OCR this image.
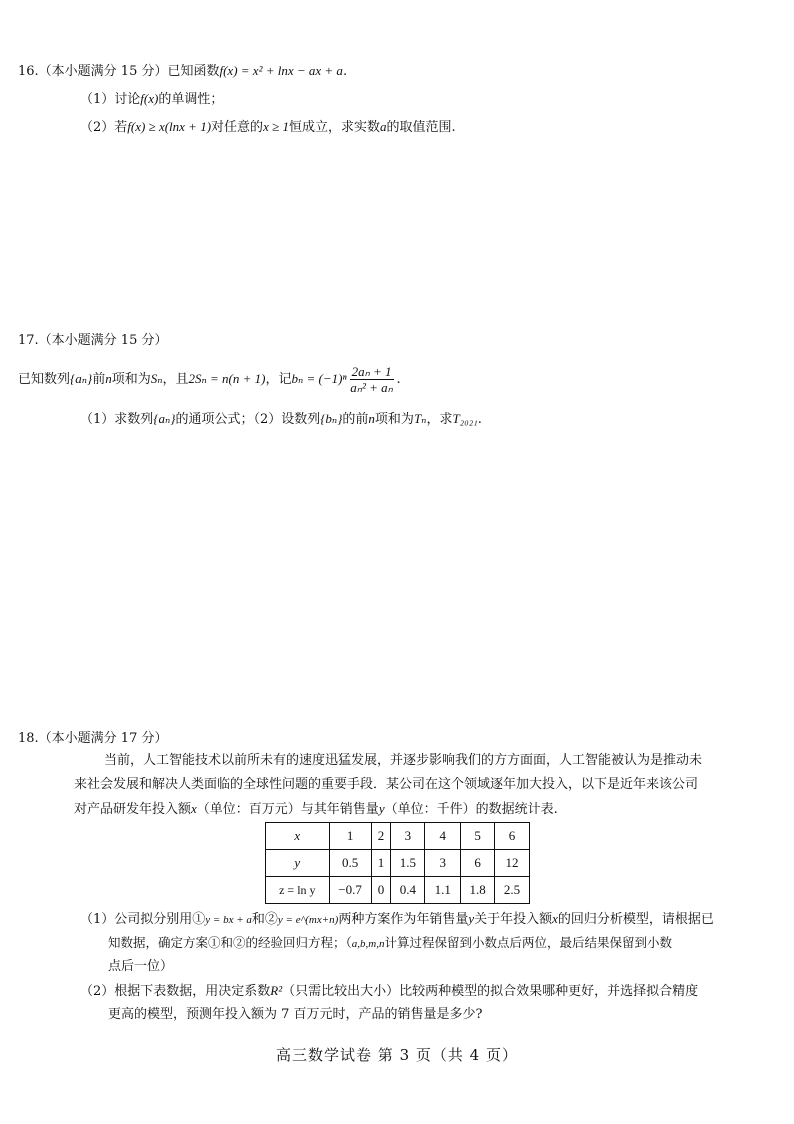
16.（本小题满分 15 分）已知函数f(x) = x² + lnx − ax + a.
（1）讨论f(x)的单调性；
（2）若f(x) ≥ x(lnx + 1)对任意的x ≥ 1恒成立，求实数a的取值范围.
17.（本小题满分 15 分）
已知数列{aₙ}前n项和为Sₙ，且2Sₙ = n(n + 1)，记$b_n = (-1)^n \frac{\text{2aₙ + 1}}{\text{aₙ² + aₙ}}$ .
（1）求数列{aₙ}的通项公式；（2）设数列{bₙ}的前n项和为Tₙ，求T₂₀₂₁.
18.（本小题满分 17 分）
当前，人工智能技术以前所未有的速度迅猛发展，并逐步影响我们的方方面面，人工智能被认为是推动未
来社会发展和解决人类面临的全球性问题的重要手段．某公司在这个领域逐年加大投入，以下是近年来该公司
对产品研发年投入额x（单位：百万元）与其年销售量y（单位：千件）的数据统计表.
x	1	2	3	4	5	6
y	0.5	1	1.5	3	6	12
z = ln y	−0.7	0	0.4	1.1	1.8	2.5
（1）公司拟分别用①y = bx + a和②y = e^(mx+n)两种方案作为年销售量y关于年投入额x的回归分析模型，请根据已
知数据，确定方案①和②的经验回归方程；（a,b,m,n计算过程保留到小数点后两位，最后结果保留到小数
点后一位）
（2）根据下表数据，用决定系数R²（只需比较出大小）比较两种模型的拟合效果哪种更好，并选择拟合精度
更高的模型，预测年投入额为 7 百万元时，产品的销售量是多少?
高三数学试卷 第 3 页（共 4 页）
